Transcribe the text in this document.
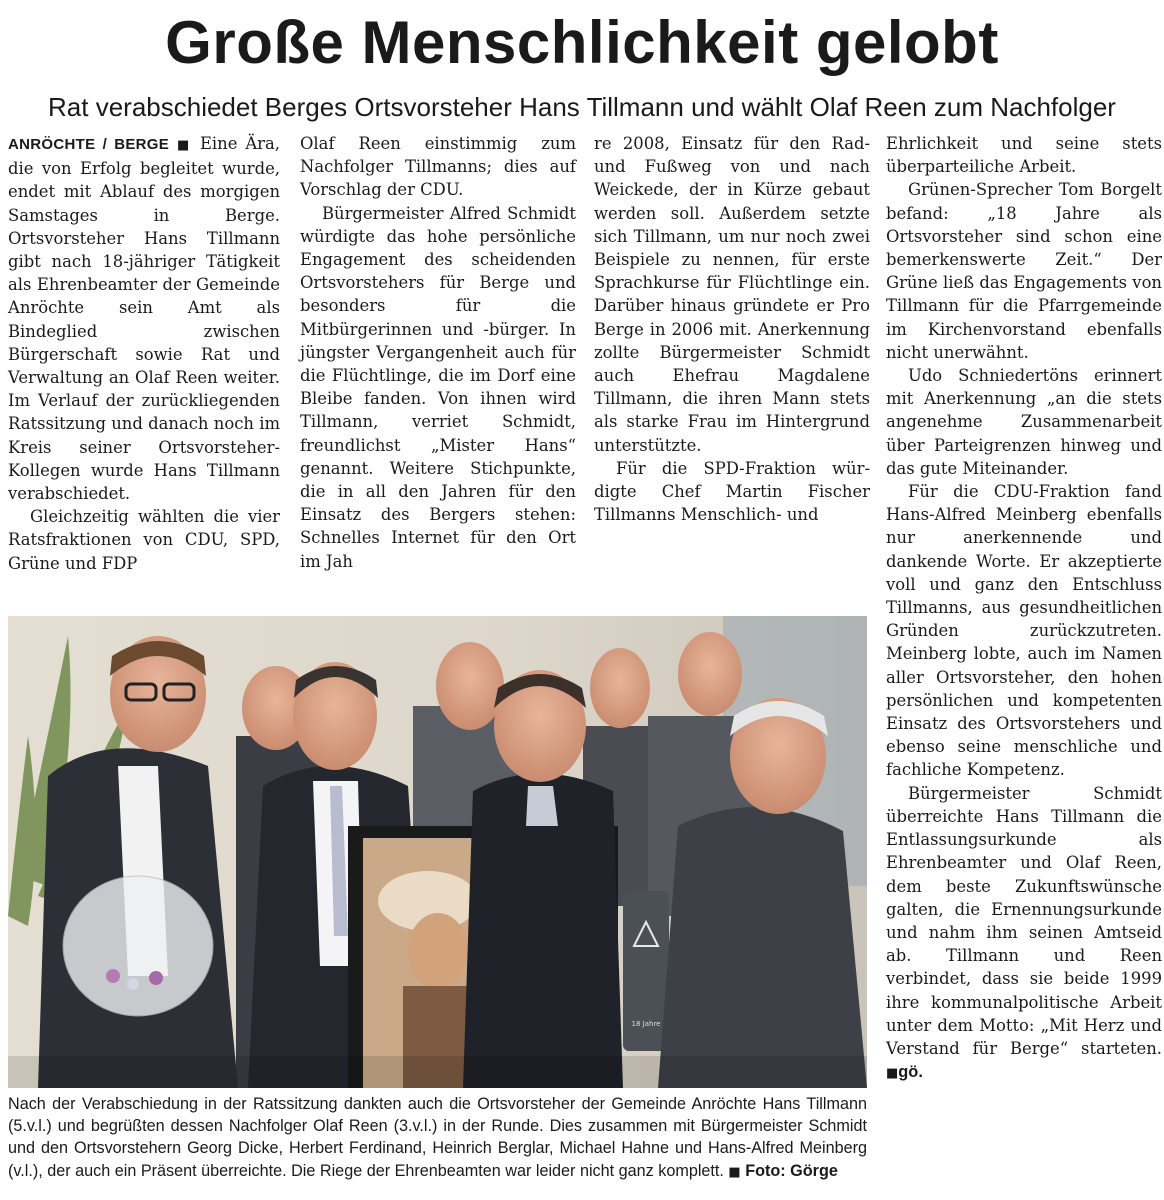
Große Menschlichkeit gelobt
Rat verabschiedet Berges Ortsvorsteher Hans Tillmann und wählt Olaf Reen zum Nachfolger

ANRÖCHTE / BERGE ■ Eine Ära, die von Erfolg begleitet wurde, endet mit Ablauf des morgigen Samstages in Berge. Ortsvorsteher Hans Tillmann gibt nach 18-jähriger Tätigkeit als Ehrenbeamter der Gemeinde Anröchte sein Amt als Bindeglied zwischen Bürgerschaft sowie Rat und Verwaltung an Olaf Reen weiter. Im Verlauf der zurückliegenden Ratssitzung und danach noch im Kreis seiner Ortsvorsteher-Kollegen wurde Hans Tillmann verabschiedet.

Gleichzeitig wählten die vier Ratsfraktionen von CDU, SPD, Grüne und FDP

Olaf Reen einstimmig zum Nachfolger Tillmanns; dies auf Vorschlag der CDU.

Bürgermeister Alfred Schmidt würdigte das hohe persönliche Engagement des scheidenden Ortsvorstehers für Berge und besonders für die Mitbürgerinnen und -bürger. In jüngster Vergangenheit auch für die Flüchtlinge, die im Dorf eine Bleibe fanden. Von ihnen wird Tillmann, verriet Schmidt, freundlichst „Mister Hans“ genannt. Weitere Stichpunkte, die in all den Jahren für den Einsatz des Bergers stehen: Schnelles Internet für den Ort im Jah

re 2008, Einsatz für den Rad- und Fußweg von und nach Weickede, der in Kürze gebaut werden soll. Außerdem setzte sich Tillmann, um nur noch zwei Beispiele zu nennen, für erste Sprachkurse für Flüchtlinge ein. Darüber hinaus gründete er Pro Berge in 2006 mit. Anerkennung zollte Bürgermeister Schmidt auch Ehefrau Magdalene Tillmann, die ihren Mann stets als starke Frau im Hintergrund unterstützte.

Für die SPD-Fraktion würdigte Chef Martin Fischer Tillmanns Menschlich- und

Ehrlichkeit und seine stets überparteiliche Arbeit.

Grünen-Sprecher Tom Borgelt befand: „18 Jahre als Ortsvorsteher sind schon eine bemerkenswerte Zeit.“ Der Grüne ließ das Engagements von Tillmann für die Pfarrgemeinde im Kirchenvorstand ebenfalls nicht unerwähnt.

Udo Schniedertöns erinnert mit Anerkennung „an die stets angenehme Zusammenarbeit über Parteigrenzen hinweg und das gute Miteinander.

Für die CDU-Fraktion fand Hans-Alfred Meinberg ebenfalls nur anerkennende und dankende Worte. Er akzeptierte voll und ganz den Entschluss Tillmanns, aus gesundheitlichen Gründen zurückzutreten. Meinberg lobte, auch im Namen aller Ortsvorsteher, den hohen persönlichen und kompetenten Einsatz des Ortsvorstehers und ebenso seine menschliche und fachliche Kompetenz.

Bürgermeister Schmidt überreichte Hans Tillmann die Entlassungsurkunde als Ehrenbeamter und Olaf Reen, dem beste Zukunftswünsche galten, die Ernennungsurkunde und nahm ihm seinen Amtseid ab. Tillmann und Reen verbindet, dass sie beide 1999 ihre kommunalpolitische Arbeit unter dem Motto: „Mit Herz und Verstand für Berge“ starteten. ■gö.

18 Jahre
Nach der Verabschiedung in der Ratssitzung dankten auch die Ortsvorsteher der Gemeinde Anröchte Hans Tillmann (5.v.l.) und begrüßten dessen Nachfolger Olaf Reen (3.v.l.) in der Runde. Dies zusammen mit Bürgermeister Schmidt und den Ortsvorstehern Georg Dicke, Herbert Ferdinand, Heinrich Berglar, Michael Hahne und Hans-Alfred Meinberg (v.l.), der auch ein Präsent überreichte. Die Riege der Ehrenbeamten war leider nicht ganz komplett. ■ Foto: Görge
